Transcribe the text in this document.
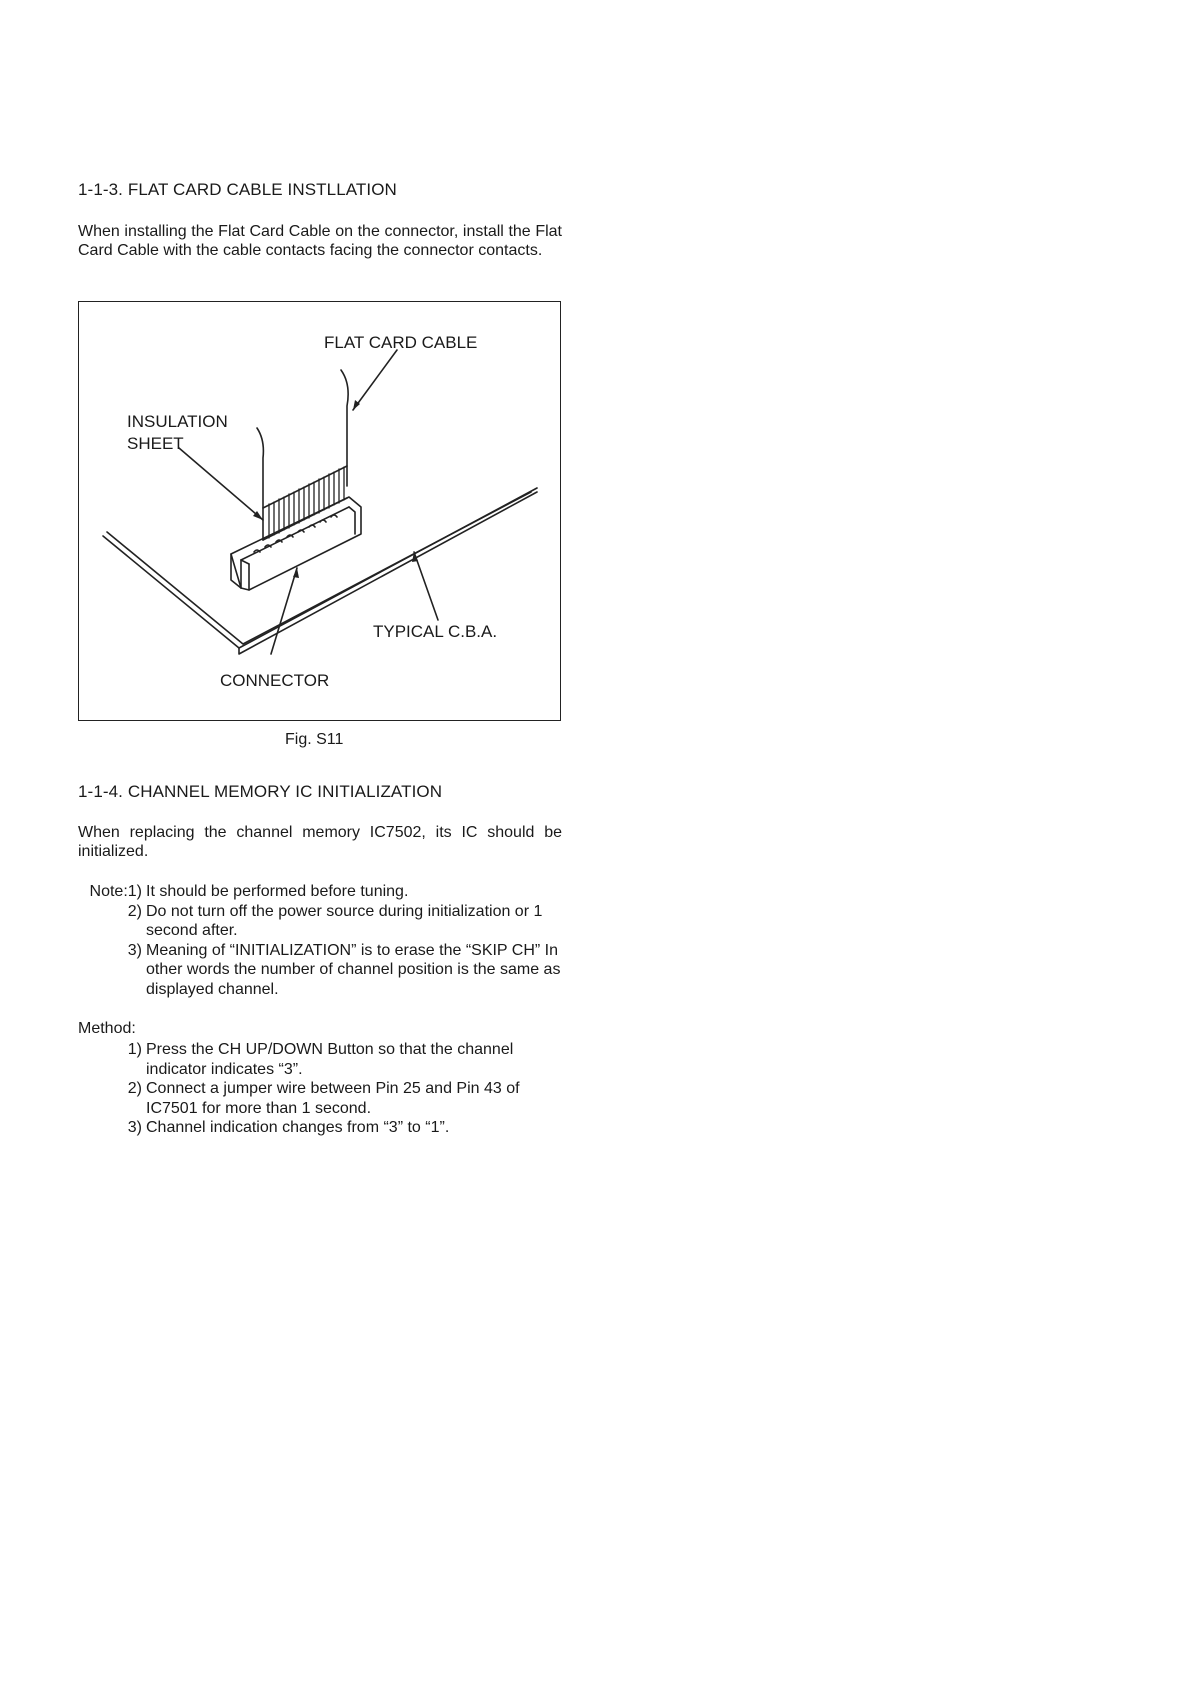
1-1-3. FLAT CARD CABLE INSTLLATION
When installing the Flat Card Cable on the connector, install the Flat Card Cable with the cable contacts facing the connector contacts.
FLAT CARD CABLE
INSULATION
SHEET
TYPICAL C.B.A.
CONNECTOR
Fig. S11
1-1-4. CHANNEL MEMORY IC INITIALIZATION
When replacing the channel memory IC7502, its IC should be initialized.
Note:1) It should be performed before tuning.
2) Do not turn off the power source during initialization or 1 second after.
3) Meaning of “INITIALIZATION” is to erase the “SKIP CH” In other words the number of channel position is the same as displayed channel.
Method:
1) Press the CH UP/DOWN Button so that the channel indicator indicates “3”.
2) Connect a jumper wire between Pin 25 and Pin 43 of IC7501 for more than 1 second.
3) Channel indication changes from “3” to “1”.
